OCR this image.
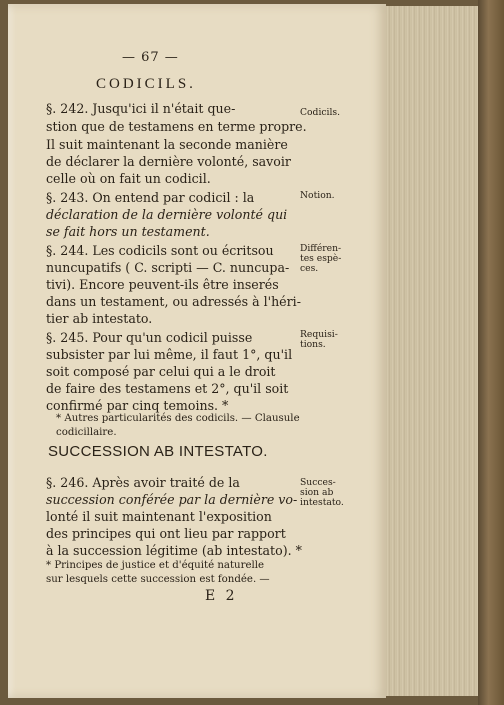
— 67 —
CODICILS.
§. 242. Jusqu'ici il n'était que-
stion que de testamens en terme propre.
Il suit maintenant la seconde manière
de déclarer la dernière volonté, savoir
celle où on fait un codicil.
§. 243. On entend par codicil : la
déclaration de la dernière volonté qui
se fait hors un testament.
§. 244. Les codicils sont ou écritsou
nuncupatifs ( C. scripti — C. nuncupa-
tivi). Encore peuvent-ils être inserés
dans un testament, ou adressés à l'héri-
tier ab intestato.
§. 245. Pour qu'un codicil puisse
subsister par lui même, il faut 1°, qu'il
soit composé par celui qui a le droit
de faire des testamens et 2°, qu'il soit
confirmé par cinq temoins. *
* Autres particularités des codicils. — Clausule
codicillaire.
SUCCESSION AB INTESTATO.
§. 246. Après avoir traité de la
succession conférée par la dernière vo-
lonté il suit maintenant l'exposition
des principes qui ont lieu par rapport
à la succession légitime (ab intestato). *
* Principes de justice et d'équité naturelle
sur lesquels cette succession est fondée. —
E 2
Codicils.
Notion.
Différen-
tes espè-
ces.
Requisi-
tions.
Succes-
sion ab
intestato.
